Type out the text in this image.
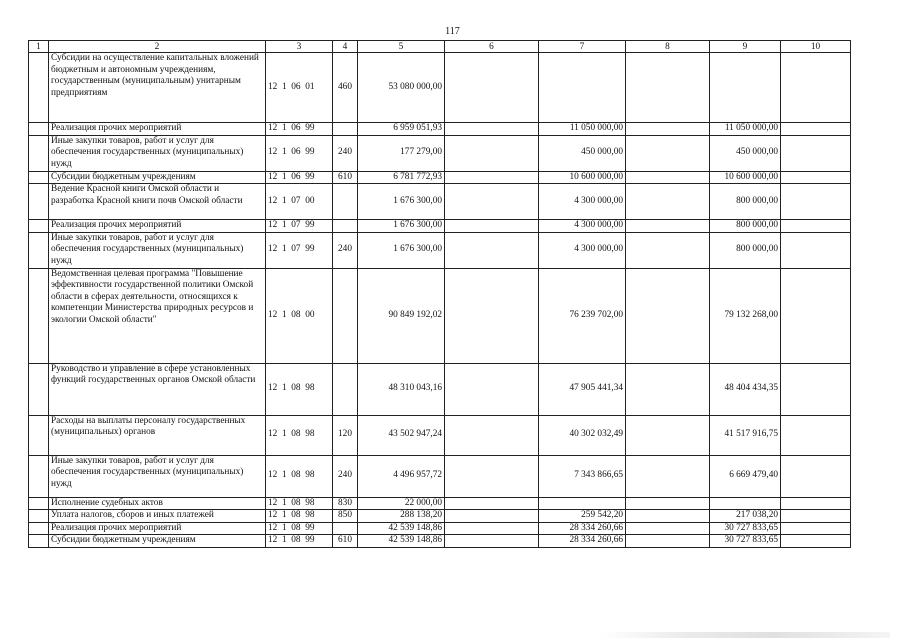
117
1	2	3	4	5	6	7	8	9	10
	Субсидии на осуществление капитальных вложений бюджетным и автономным учреждениям, государственным (муниципальным) унитарным предприятиям	12  1  06  01	460	53 080 000,00					
	Реализация прочих мероприятий	12  1  06  99		6 959 051,93		11 050 000,00		11 050 000,00	
	Иные закупки товаров, работ и услуг для обеспечения государственных (муниципальных) нужд	12  1  06  99	240	177 279,00		450 000,00		450 000,00	
	Субсидии бюджетным учреждениям	12  1  06  99	610	6 781 772,93		10 600 000,00		10 600 000,00	
	Ведение Красной книги Омской области и разработка Красной книги почв Омской области	12  1  07  00		1 676 300,00		4 300 000,00		800 000,00	
	Реализация прочих мероприятий	12  1  07  99		1 676 300,00		4 300 000,00		800 000,00	
	Иные закупки товаров, работ и услуг для обеспечения государственных (муниципальных) нужд	12  1  07  99	240	1 676 300,00		4 300 000,00		800 000,00	
	Ведомственная целевая программа "Повышение эффективности государственной политики Омской области в сферах деятельности, относящихся к компетенции Министерства природных ресурсов и экологии Омской области"	12  1  08  00		90 849 192,02		76 239 702,00		79 132 268,00	
	Руководство и управление в сфере установленных функций государственных органов Омской области	12  1  08  98		48 310 043,16		47 905 441,34		48 404 434,35	
	Расходы на выплаты персоналу государственных (муниципальных) органов	12  1  08  98	120	43 502 947,24		40 302 032,49		41 517 916,75	
	Иные закупки товаров, работ и услуг для обеспечения государственных (муниципальных) нужд	12  1  08  98	240	4 496 957,72		7 343 866,65		6 669 479,40	
	Исполнение судебных актов	12  1  08  98	830	22 000,00					
	Уплата налогов, сборов и иных платежей	12  1  08  98	850	288 138,20		259 542,20		217 038,20	
	Реализация прочих мероприятий	12  1  08  99		42 539 148,86		28 334 260,66		30 727 833,65	
	Субсидии бюджетным учреждениям	12  1  08  99	610	42 539 148,86		28 334 260,66		30 727 833,65	
